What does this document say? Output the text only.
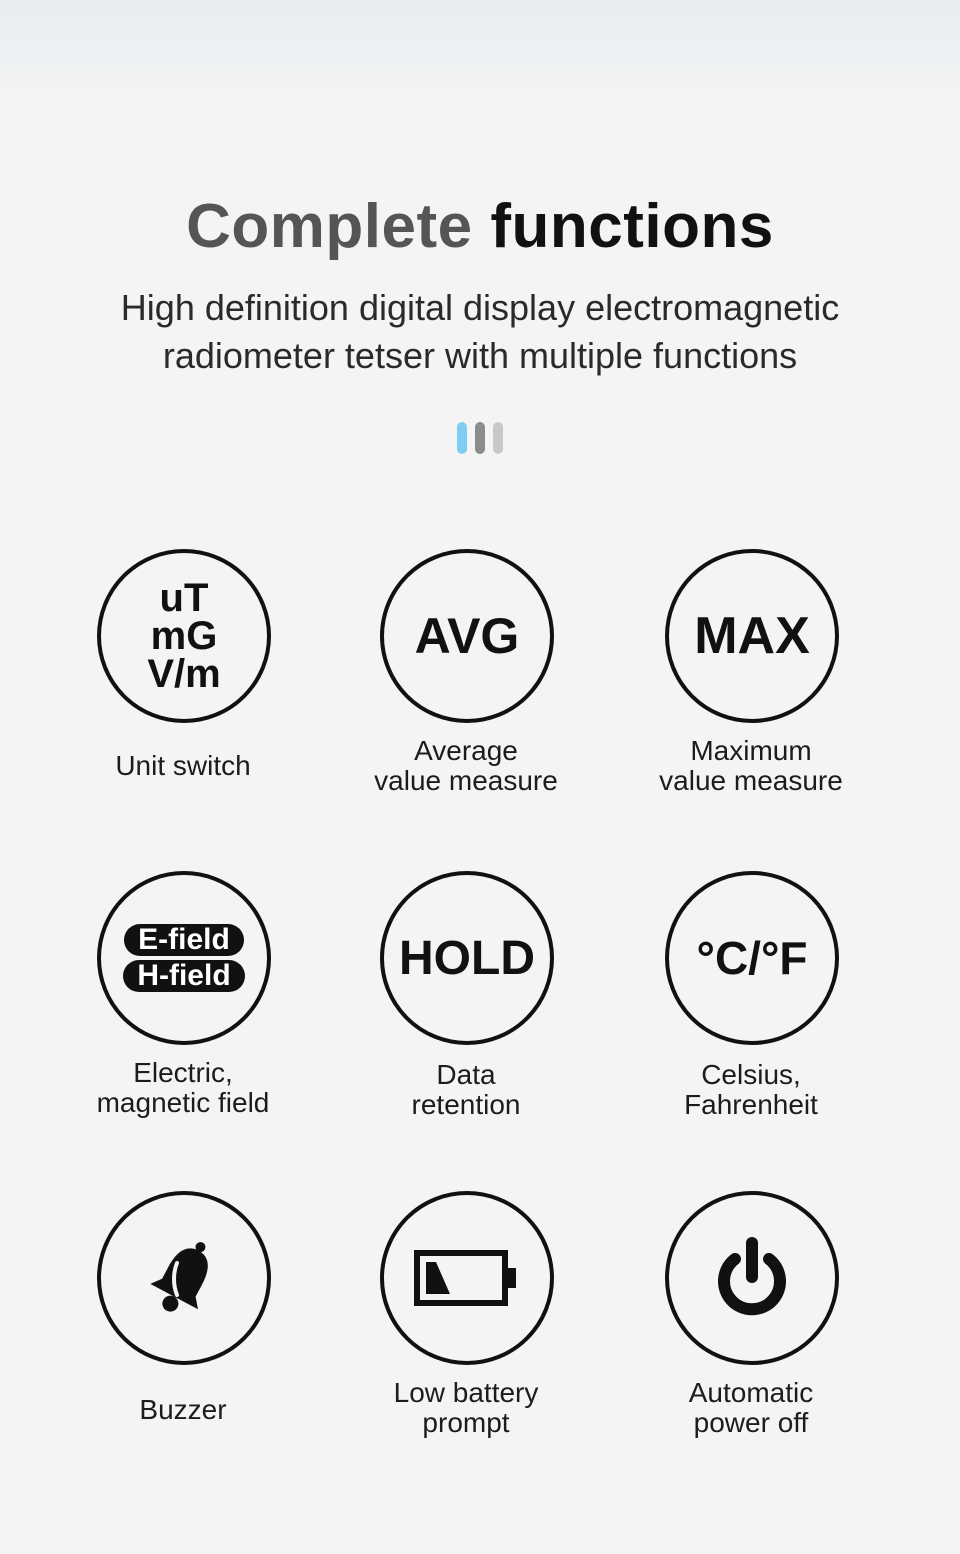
Complete functions

High definition digital display electromagnetic
radiometer tetser with multiple functions

uT
mG
V/m
Unit switch
AVG
Average
value measure
MAX
Maximum
value measure
E-field
H-field
Electric,
magnetic field
HOLD
Data
retention
°C/°F
Celsius,
Fahrenheit
Buzzer
Low battery
prompt
Automatic
power off
